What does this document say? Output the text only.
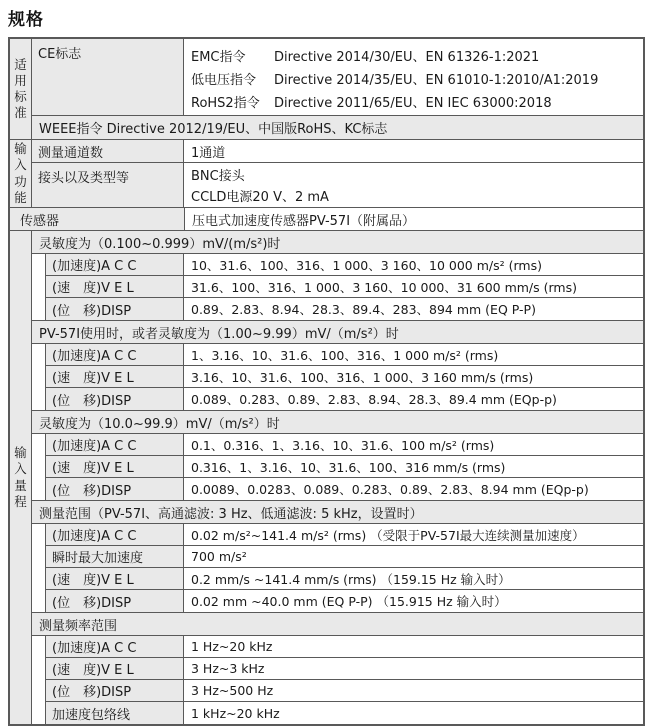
规格
适用标准
CE标志	EMC指令	Directive 2014/30/EU、EN 61326-1:2021
低电压指令	Directive 2014/35/EU、EN 61010-1:2010/A1:2019
RoHS2指令	Directive 2011/65/EU、EN IEC 63000:2018
WEEE指令 Directive 2012/19/EU、中国版RoHS、KC标志
输入功能
测量通道数	1通道
接头以及类型等	BNC接头
CCLD电源20 V、2 mA
传感器	压电式加速度传感器PV-57I（附属品）
输入量程
灵敏度为（0.100~0.999）mV/(m/s²)时
(加速度)A C C	10、31.6、100、316、1 000、3 160、10 000 m/s² (rms)
(速　度)V E L	31.6、100、316、1 000、3 160、10 000、31 600 mm/s (rms)
(位　移)DISP	0.89、2.83、8.94、28.3、89.4、283、894 mm (EQ P-P)
PV-57I使用时，或者灵敏度为（1.00~9.99）mV/（m/s²）时
(加速度)A C C	1、3.16、10、31.6、100、316、1 000 m/s² (rms)
(速　度)V E L	3.16、10、31.6、100、316、1 000、3 160 mm/s (rms)
(位　移)DISP	0.089、0.283、0.89、2.83、8.94、28.3、89.4 mm (EQp-p)
灵敏度为（10.0~99.9）mV/（m/s²）时
(加速度)A C C	0.1、0.316、1、3.16、10、31.6、100 m/s² (rms)
(速　度)V E L	0.316、1、3.16、10、31.6、100、316 mm/s (rms)
(位　移)DISP	0.0089、0.0283、0.089、0.283、0.89、2.83、8.94 mm (EQp-p)
测量范围（PV-57I、高通滤波: 3 Hz、低通滤波: 5 kHz，设置时）
(加速度)A C C	0.02 m/s²~141.4 m/s² (rms) （受限于PV-57I最大连续测量加速度）
瞬时最大加速度	700 m/s²
(速　度)V E L	0.2 mm/s ~141.4 mm/s (rms) （159.15 Hz 输入时）
(位　移)DISP	0.02 mm ~40.0 mm (EQ P-P) （15.915 Hz 输入时）
测量频率范围
(加速度)A C C	1 Hz~20 kHz
(速　度)V E L	3 Hz~3 kHz
(位　移)DISP	3 Hz~500 Hz
加速度包络线	1 kHz~20 kHz
